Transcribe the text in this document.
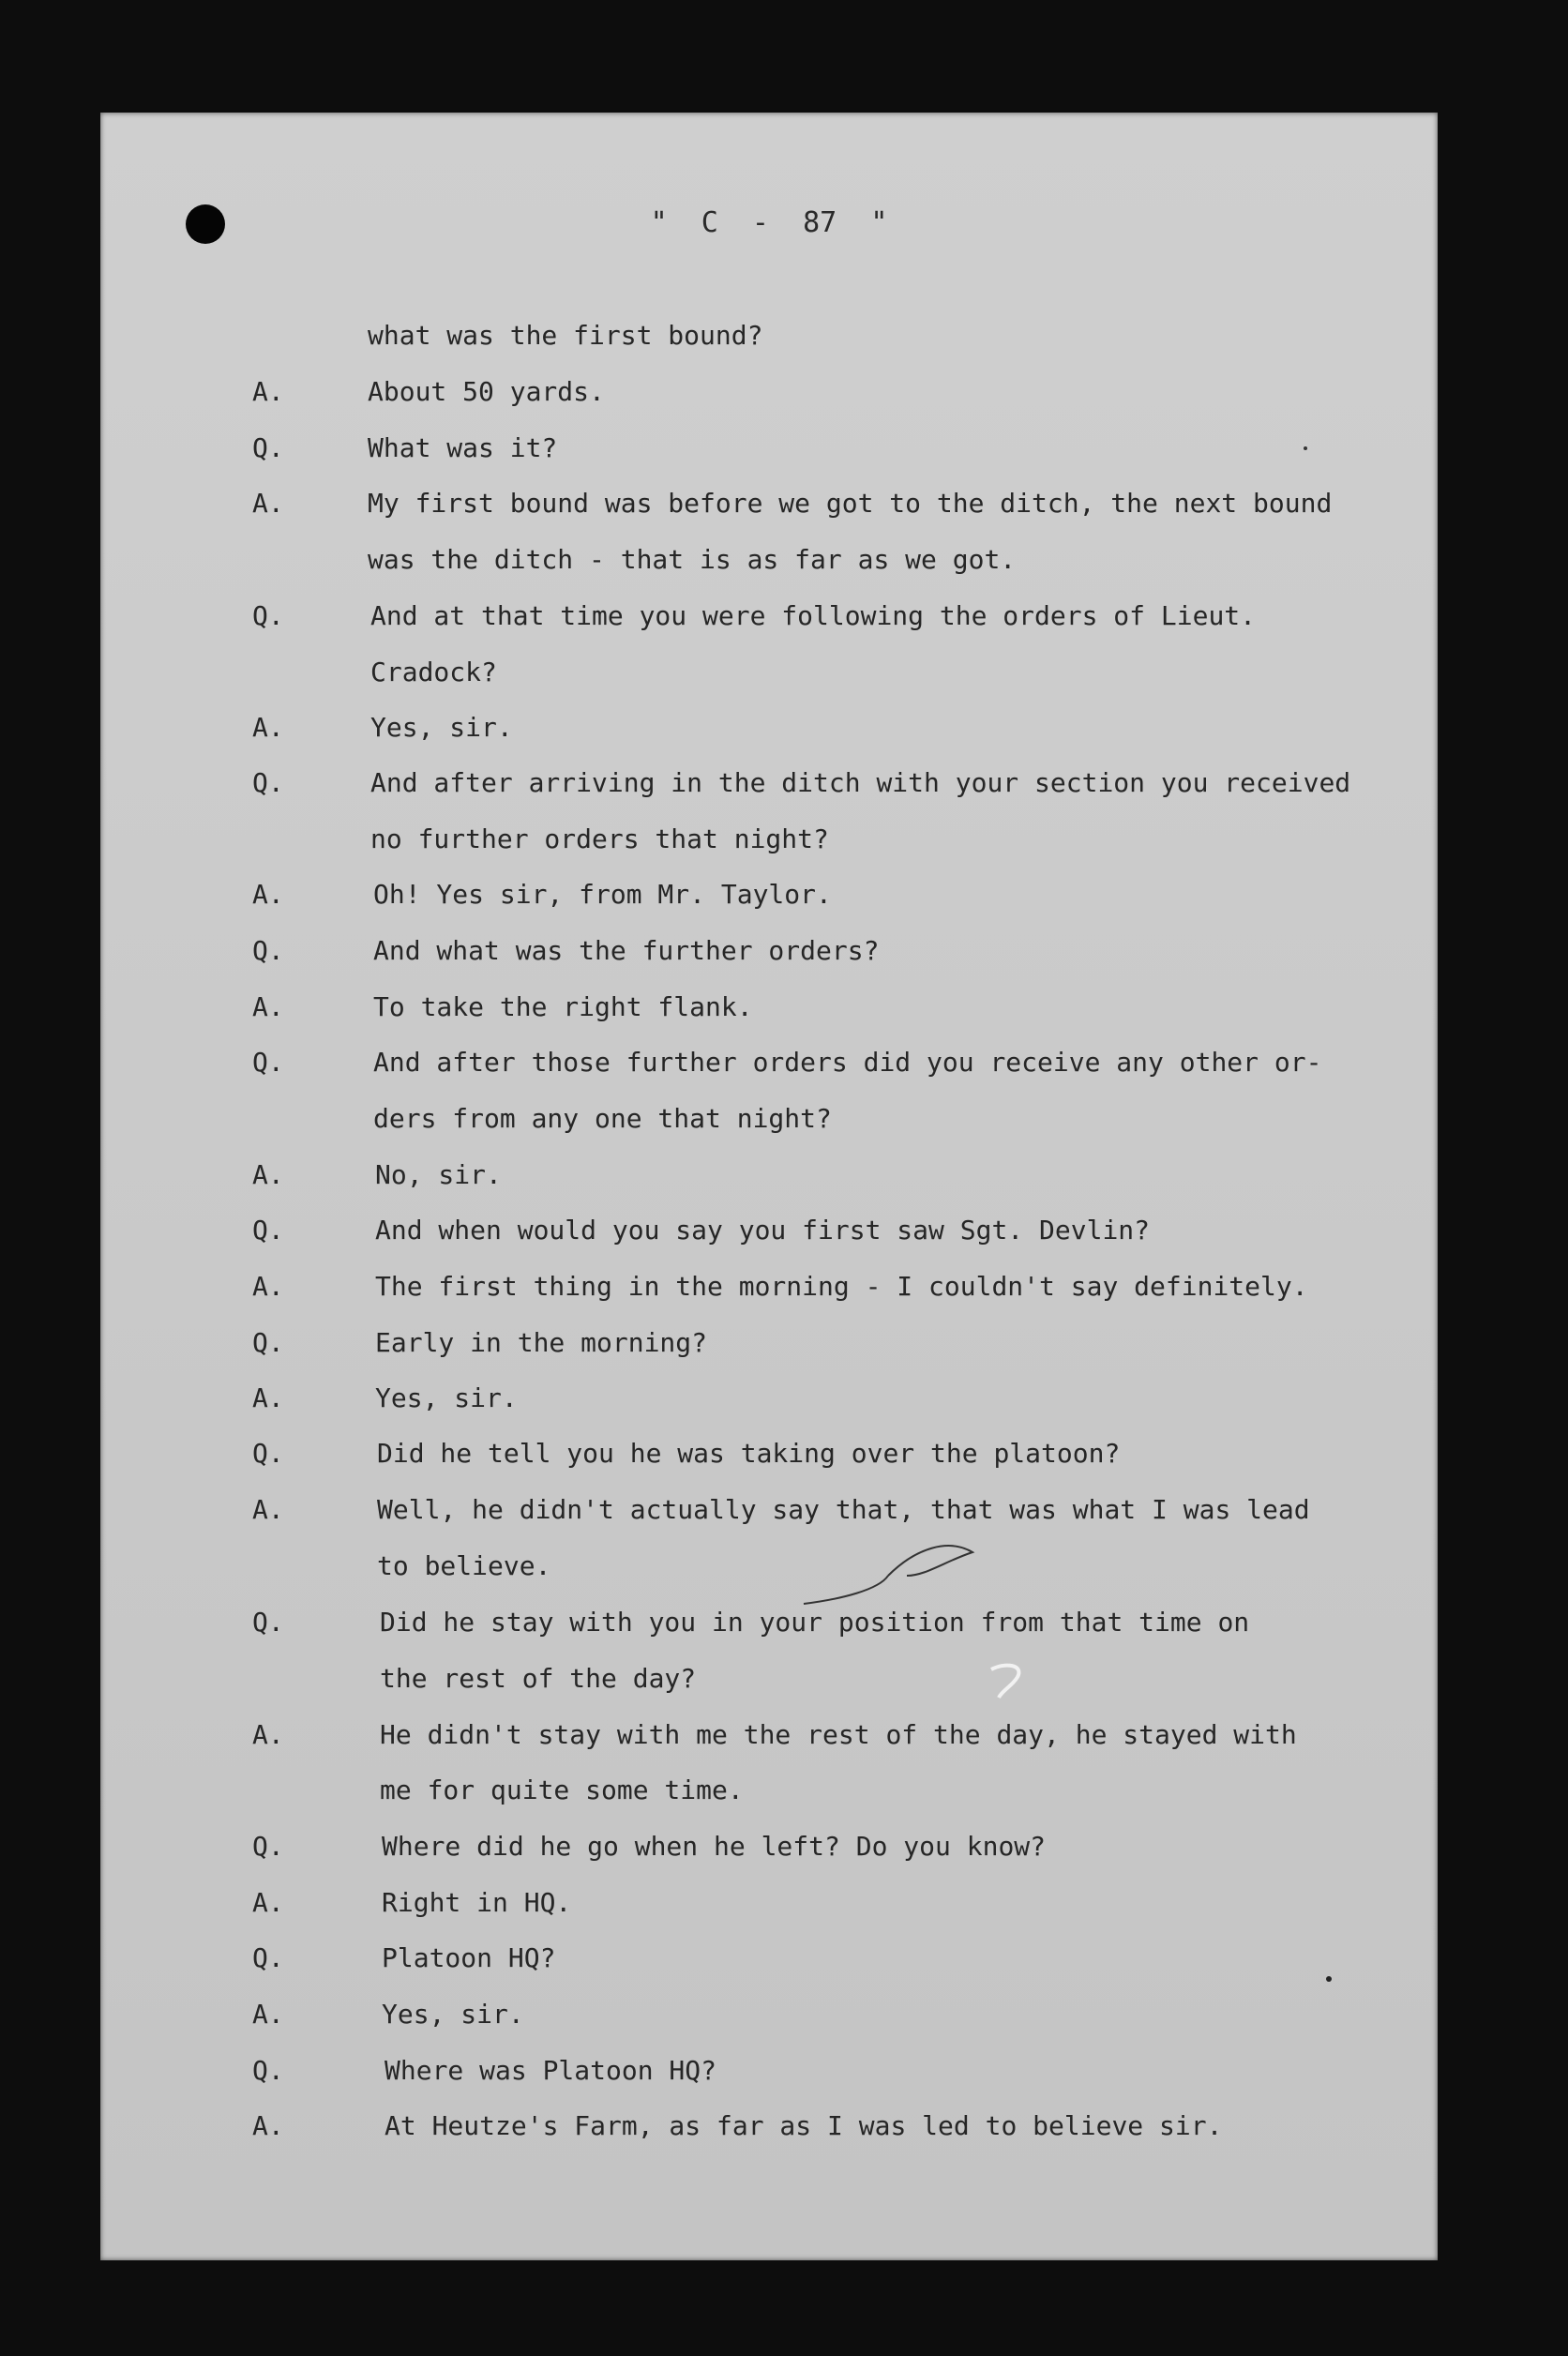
"  C  -  87  "
what was the first bound?
A.	About 50 yards.
Q.	What was it?
A.	My first bound was before we got to the ditch, the next bound
was the ditch - that is as far as we got.
Q.	And at that time you were following the orders of Lieut.
Cradock?
A.	Yes, sir.
Q.	And after arriving in the ditch with your section you received
no further orders that night?
A.	Oh! Yes sir, from Mr. Taylor.
Q.	And what was the further orders?
A.	To take the right flank.
Q.	And after those further orders did you receive any other or-
ders from any one that night?
A.	No, sir.
Q.	And when would you say you first saw Sgt. Devlin?
A.	The first thing in the morning - I couldn't say definitely.
Q.	Early in the morning?
A.	Yes, sir.
Q.	Did he tell you he was taking over the platoon?
A.	Well, he didn't actually say that, that was what I was lead
to believe.
Q.	Did he stay with you in your position from that time on
the rest of the day?
A.	He didn't stay with me the rest of the day, he stayed with
me for quite some time.
Q.	Where did he go when he left? Do you know?
A.	Right in HQ.
Q.	Platoon HQ?
A.	Yes, sir.
Q.	Where was Platoon HQ?
A.	At Heutze's Farm, as far as I was led to believe sir.
